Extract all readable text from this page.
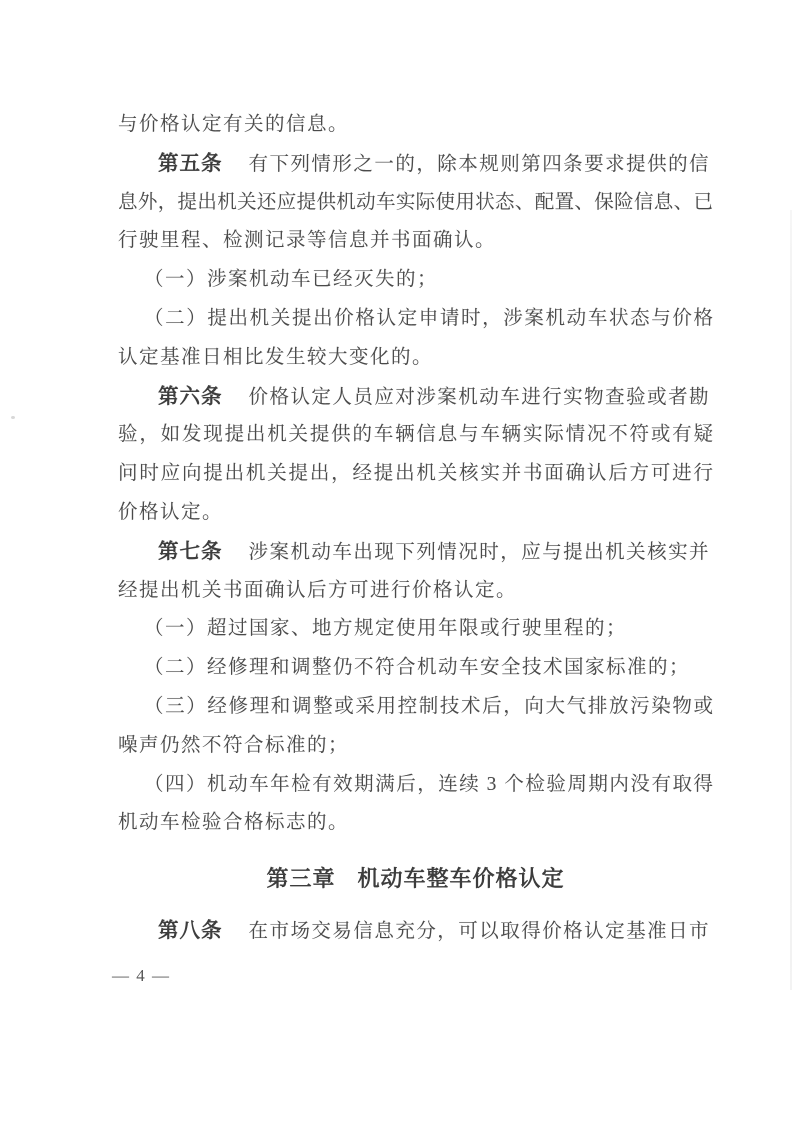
与价格认定有关的信息。
第五条 有下列情形之一的，除本规则第四条要求提供的信
息外，提出机关还应提供机动车实际使用状态、配置、保险信息、已
行驶里程、检测记录等信息并书面确认。
（一）涉案机动车已经灭失的；
（二）提出机关提出价格认定申请时，涉案机动车状态与价格
认定基准日相比发生较大变化的。
第六条 价格认定人员应对涉案机动车进行实物查验或者勘
验，如发现提出机关提供的车辆信息与车辆实际情况不符或有疑
问时应向提出机关提出，经提出机关核实并书面确认后方可进行
价格认定。
第七条 涉案机动车出现下列情况时，应与提出机关核实并
经提出机关书面确认后方可进行价格认定。
（一）超过国家、地方规定使用年限或行驶里程的；
（二）经修理和调整仍不符合机动车安全技术国家标准的；
（三）经修理和调整或采用控制技术后，向大气排放污染物或
噪声仍然不符合标准的；
（四）机动车年检有效期满后，连续 3 个检验周期内没有取得
机动车检验合格标志的。
第三章 机动车整车价格认定
第八条 在市场交易信息充分，可以取得价格认定基准日市
— 4 —
